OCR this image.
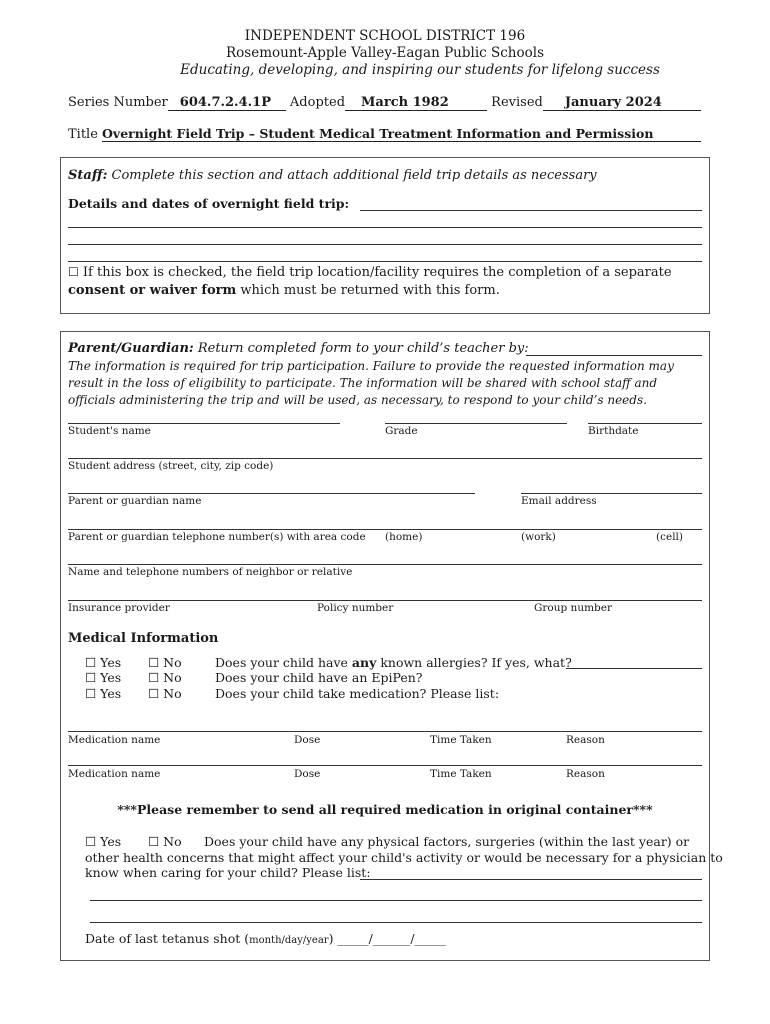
INDEPENDENT SCHOOL DISTRICT 196
Rosemount-Apple Valley-Eagan Public Schools
Educating, developing, and inspiring our students for lifelong success
Series Number 604.7.2.4.1P Adopted March 1982	Revised January 2024
Title Overnight Field Trip – Student Medical Treatment Information and Permission
Staff: Complete this section and attach additional field trip details as necessary
Details and dates of overnight field trip:
☐ If this box is checked, the field trip location/facility requires the completion of a separate
consent or waiver form which must be returned with this form.
Parent/Guardian: Return completed form to your child’s teacher by:
The information is required for trip participation. Failure to provide the requested information may
result in the loss of eligibility to participate. The information will be shared with school staff and
officials administering the trip and will be used, as necessary, to respond to your child’s needs.
Student's name	Grade	Birthdate
Student address (street, city, zip code)
Parent or guardian name	Email address
Parent or guardian telephone number(s) with area code (home)	(work)	(cell)
Name and telephone numbers of neighbor or relative
Insurance provider	Policy number	Group number
Medical Information
☐ Yes ☐ No	Does your child have any known allergies? If yes, what?
☐ Yes ☐ No	Does your child have an EpiPen?
☐ Yes ☐ No	Does your child take medication? Please list:
Medication name	Dose	Time Taken	Reason
Medication name	Dose	Time Taken	Reason
***Please remember to send all required medication in original container***
☐ Yes ☐ No Does your child have any physical factors, surgeries (within the last year) or
other health concerns that might affect your child's activity or would be necessary for a physician to
know when caring for your child? Please list:
Date of last tetanus shot (month/day/year) _____/______/_____
